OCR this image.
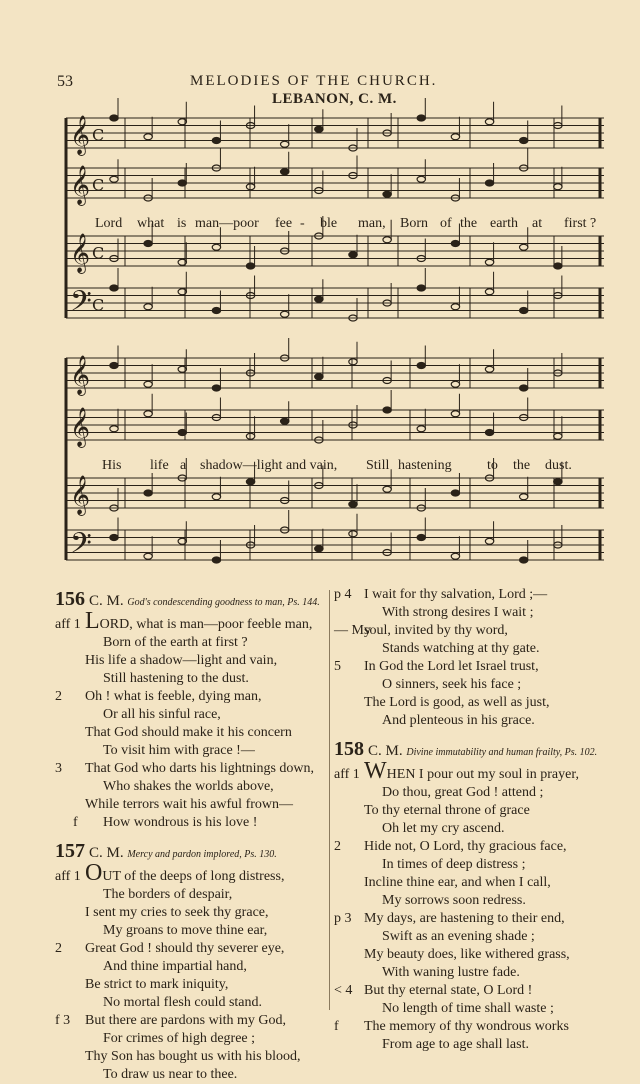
53	MELODIES OF THE CHURCH.
LEBANON, C. M.
𝄞 C
𝄞 C
𝄞 C
𝄢 C
𝄞
𝄞
𝄞
𝄢
Lord what is man—poor fee - ble man, Born of the earth at first ?
His life a shadow—light and vain, Still hastening	to the dust.
156 C. M. God's condescending goodness to man, Ps. 144.
aff 1 LORD, what is man—poor feeble man,
Born of the earth at first ?
His life a shadow—light and vain,
Still hastening to the dust.
2 Oh ! what is feeble, dying man,
Or all his sinful race,
That God should make it his concern
To visit him with grace !—
3 That God who darts his lightnings down,
Who shakes the worlds above,
While terrors wait his awful frown—
f How wondrous is his love !
157 C. M. Mercy and pardon implored, Ps. 130.
aff 1 OUT of the deeps of long distress,
The borders of despair,
I sent my cries to seek thy grace,
My groans to move thine ear,
2 Great God ! should thy severer eye,
And thine impartial hand,
Be strict to mark iniquity,
No mortal flesh could stand.
f 3 But there are pardons with my God,
For crimes of high degree ;
Thy Son has bought us with his blood,
To draw us near to thee.
p 4 I wait for thy salvation, Lord ;—
With strong desires I wait ;
— Mysoul, invited by thy word,
Stands watching at thy gate.
5 In God the Lord let Israel trust,
O sinners, seek his face ;
The Lord is good, as well as just,
And plenteous in his grace.
158 C. M. Divine immutability and human frailty, Ps. 102.
aff 1 WHEN I pour out my soul in prayer,
Do thou, great God ! attend ;
To thy eternal throne of grace
Oh let my cry ascend.
2 Hide not, O Lord, thy gracious face,
In times of deep distress ;
Incline thine ear, and when I call,
My sorrows soon redress.
p 3 My days, are hastening to their end,
Swift as an evening shade ;
My beauty does, like withered grass,
With waning lustre fade.
< 4 But thy eternal state, O Lord !
No length of time shall waste ;
f The memory of thy wondrous works
From age to age shall last.
